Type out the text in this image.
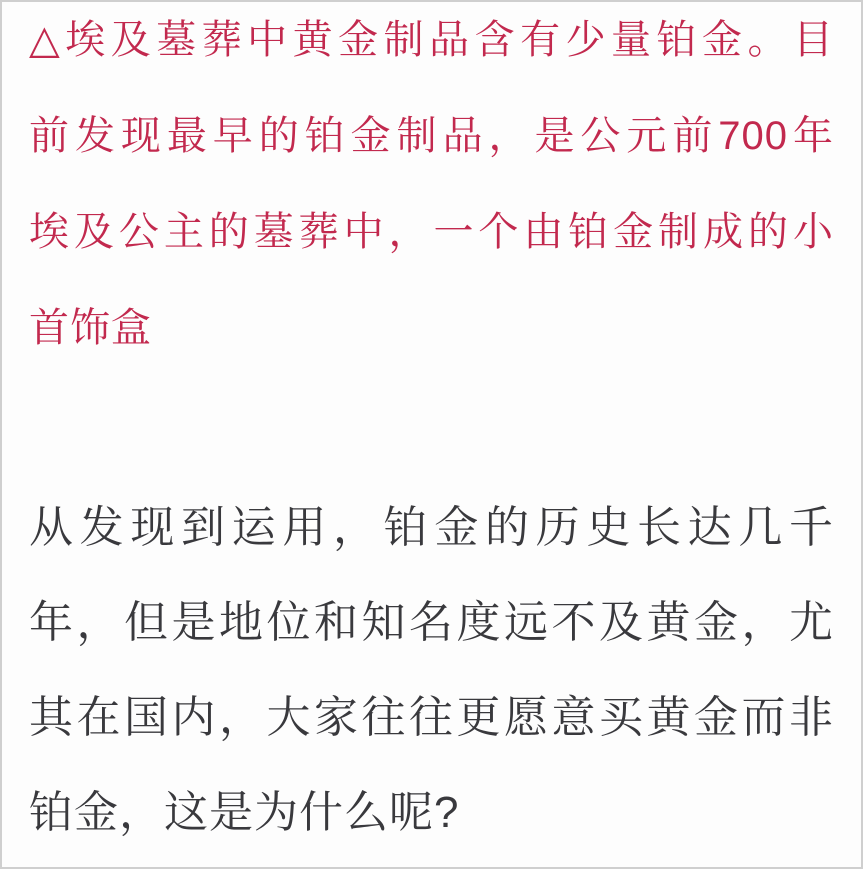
△埃及墓葬中黄金制品含有少量铂金。目

前发现最早的铂金制品，是公元前700年

埃及公主的墓葬中，一个由铂金制成的小

首饰盒

从发现到运用，铂金的历史长达几千

年，但是地位和知名度远不及黄金，尤

其在国内，大家往往更愿意买黄金而非

铂金，这是为什么呢?
